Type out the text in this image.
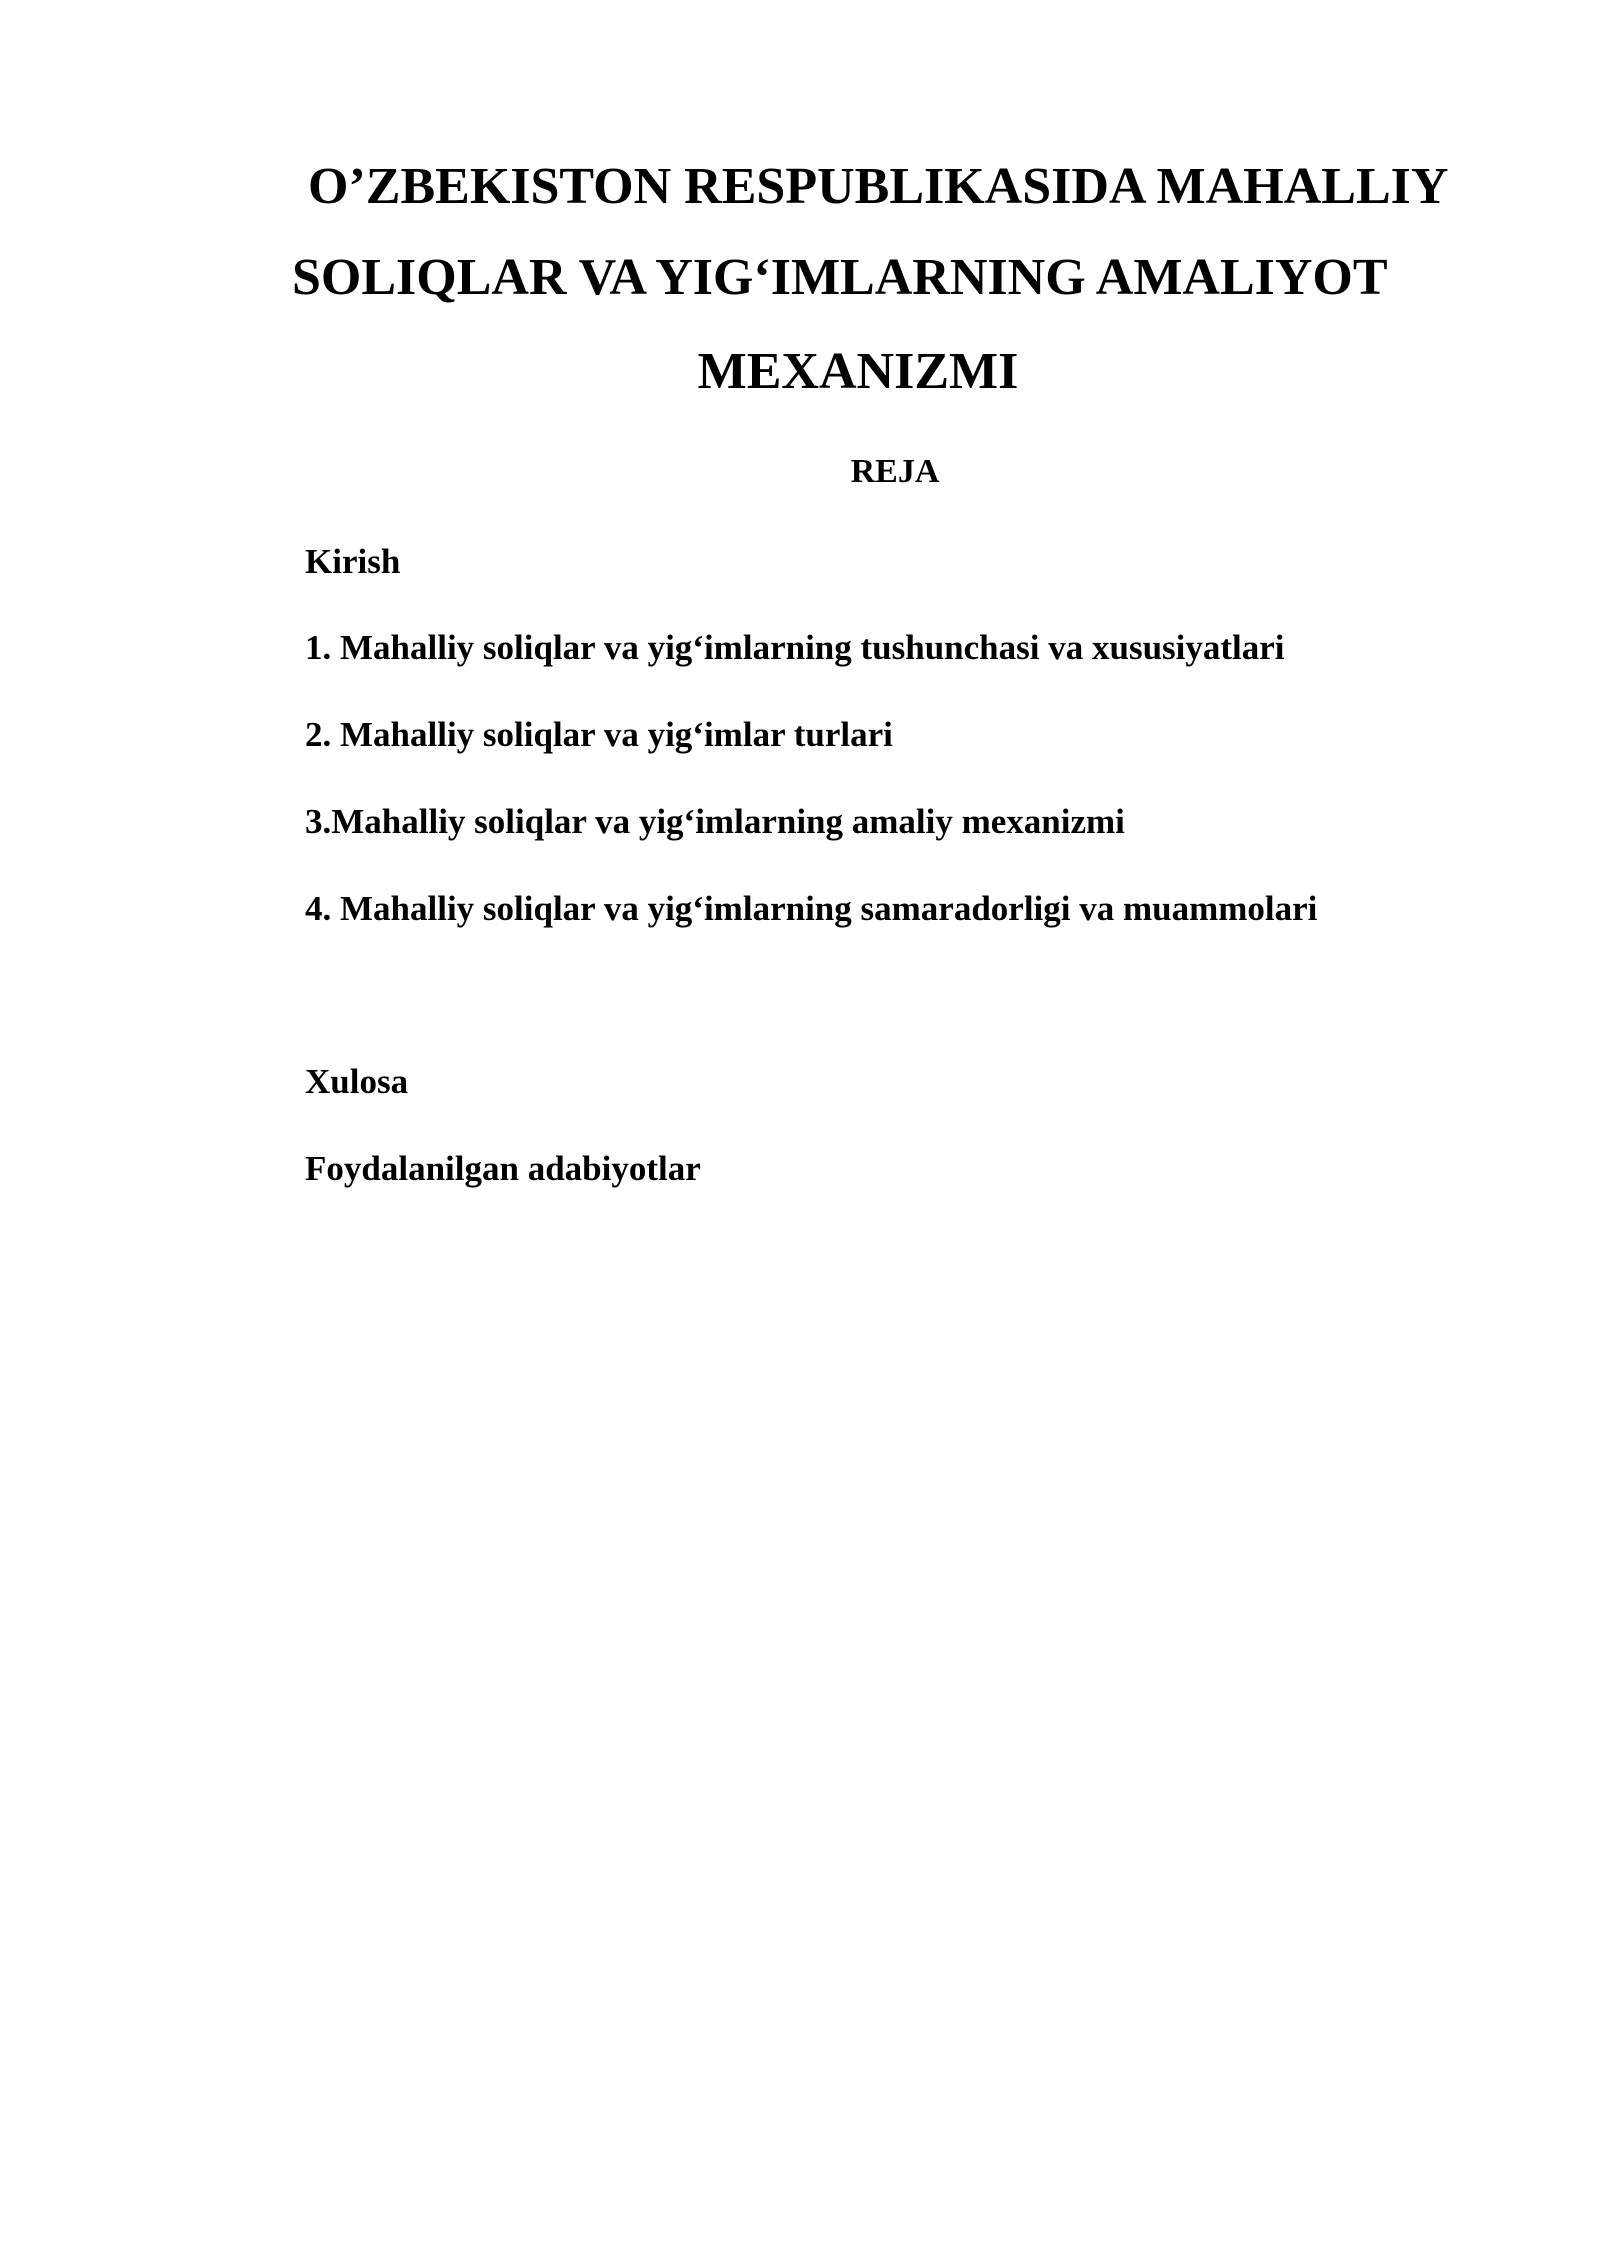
O’ZBEKISTON RESPUBLIKASIDA MAHALLIY
SOLIQLAR VA YIG‘IMLARNING AMALIYOT
MEXANIZMI
REJA
Kirish
1. Mahalliy soliqlar va yig‘imlarning tushunchasi va xususiyatlari
2. Mahalliy soliqlar va yig‘imlar turlari
3.Mahalliy soliqlar va yig‘imlarning amaliy mexanizmi
4. Mahalliy soliqlar va yig‘imlarning samaradorligi va muammolari
Xulosa
Foydalanilgan adabiyotlar
